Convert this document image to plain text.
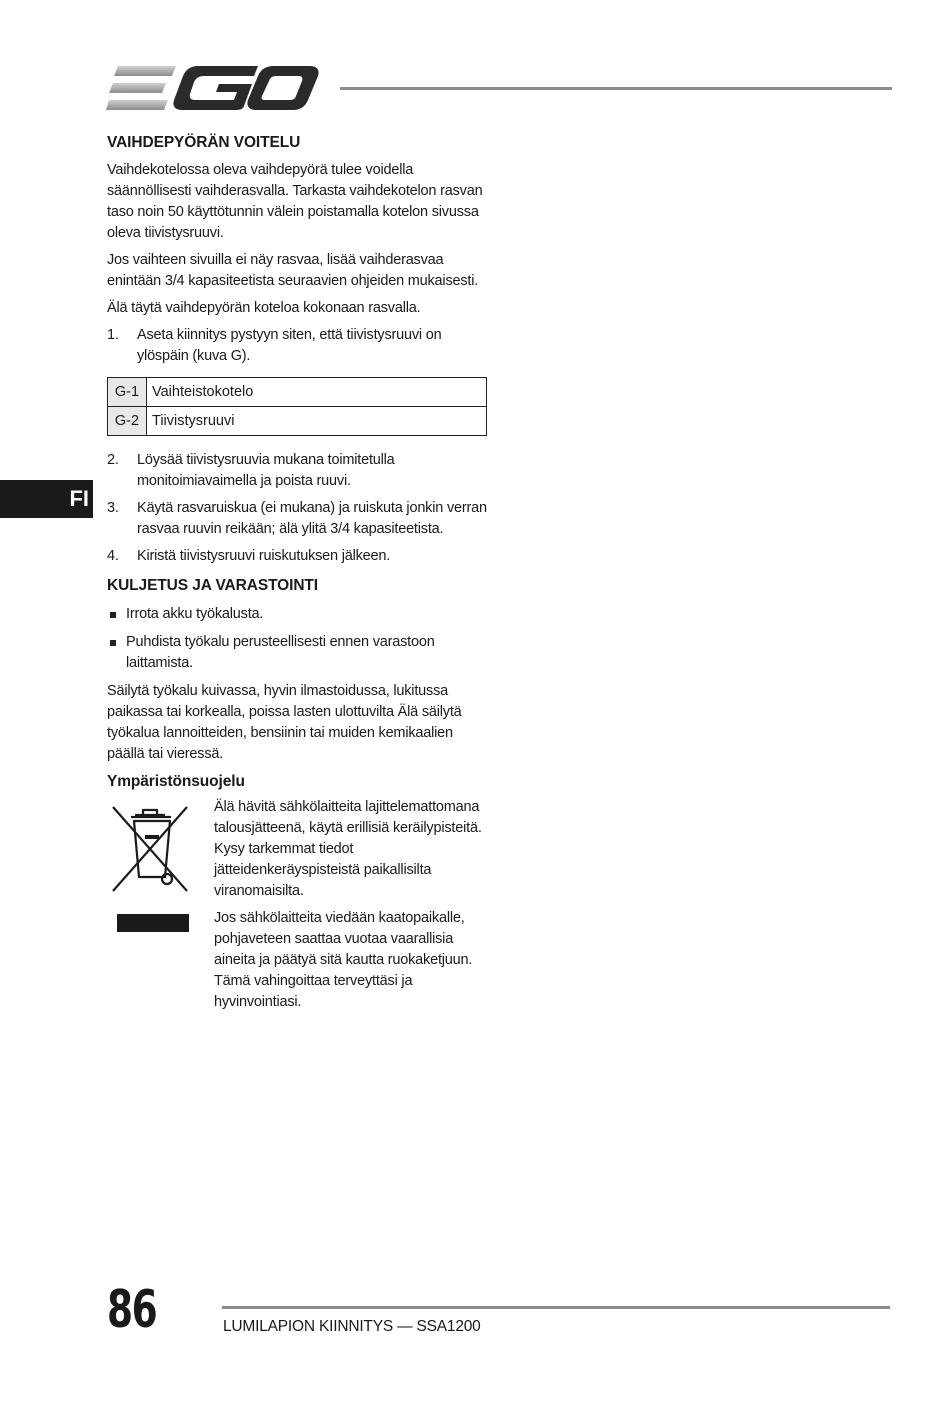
FI
VAIHDEPYÖRÄN VOITELU

Vaihdekotelossa oleva vaihdepyörä tulee voidella säännöllisesti vaihderasvalla. Tarkasta vaihdekotelon rasvan taso noin 50 käyttötunnin välein poistamalla kotelon sivussa oleva tiivistysruuvi.

Jos vaihteen sivuilla ei näy rasvaa, lisää vaihderasvaa enintään 3/4 kapasiteetista seuraavien ohjeiden mukaisesti.

Älä täytä vaihdepyörän koteloa kokonaan rasvalla.

1. Aseta kiinnitys pystyyn siten, että tiivistysruuvi on ylöspäin (kuva G).
G-1	Vaihteistokotelo
G-2	Tiivistysruuvi
2. Löysää tiivistysruuvia mukana toimitetulla monitoimiavaimella ja poista ruuvi.
3. Käytä rasvaruiskua (ei mukana) ja ruiskuta jonkin verran rasvaa ruuvin reikään; älä ylitä 3/4 kapasiteetista.
4. Kiristä tiivistysruuvi ruiskutuksen jälkeen.
KULJETUS JA VARASTOINTI
Irrota akku työkalusta.
Puhdista työkalu perusteellisesti ennen varastoon laittamista.

Säilytä työkalu kuivassa, hyvin ilmastoidussa, lukitussa paikassa tai korkealla, poissa lasten ulottuvilta Älä säilytä työkalua lannoitteiden, bensiinin tai muiden kemikaalien päällä tai vieressä.

Ympäristönsuojelu

Älä hävitä sähkölaitteita lajittelemattomana talousjätteenä, käytä erillisiä keräilypisteitä. Kysy tarkemmat tiedot jätteidenkeräyspisteistä paikallisilta viranomaisilta.

Jos sähkölaitteita viedään kaatopaikalle, pohjaveteen saattaa vuotaa vaarallisia aineita ja päätyä sitä kautta ruokaketjuun. Tämä vahingoittaa terveyttäsi ja hyvinvointiasi.

86	LUMILAPION KIINNITYS — SSA1200
